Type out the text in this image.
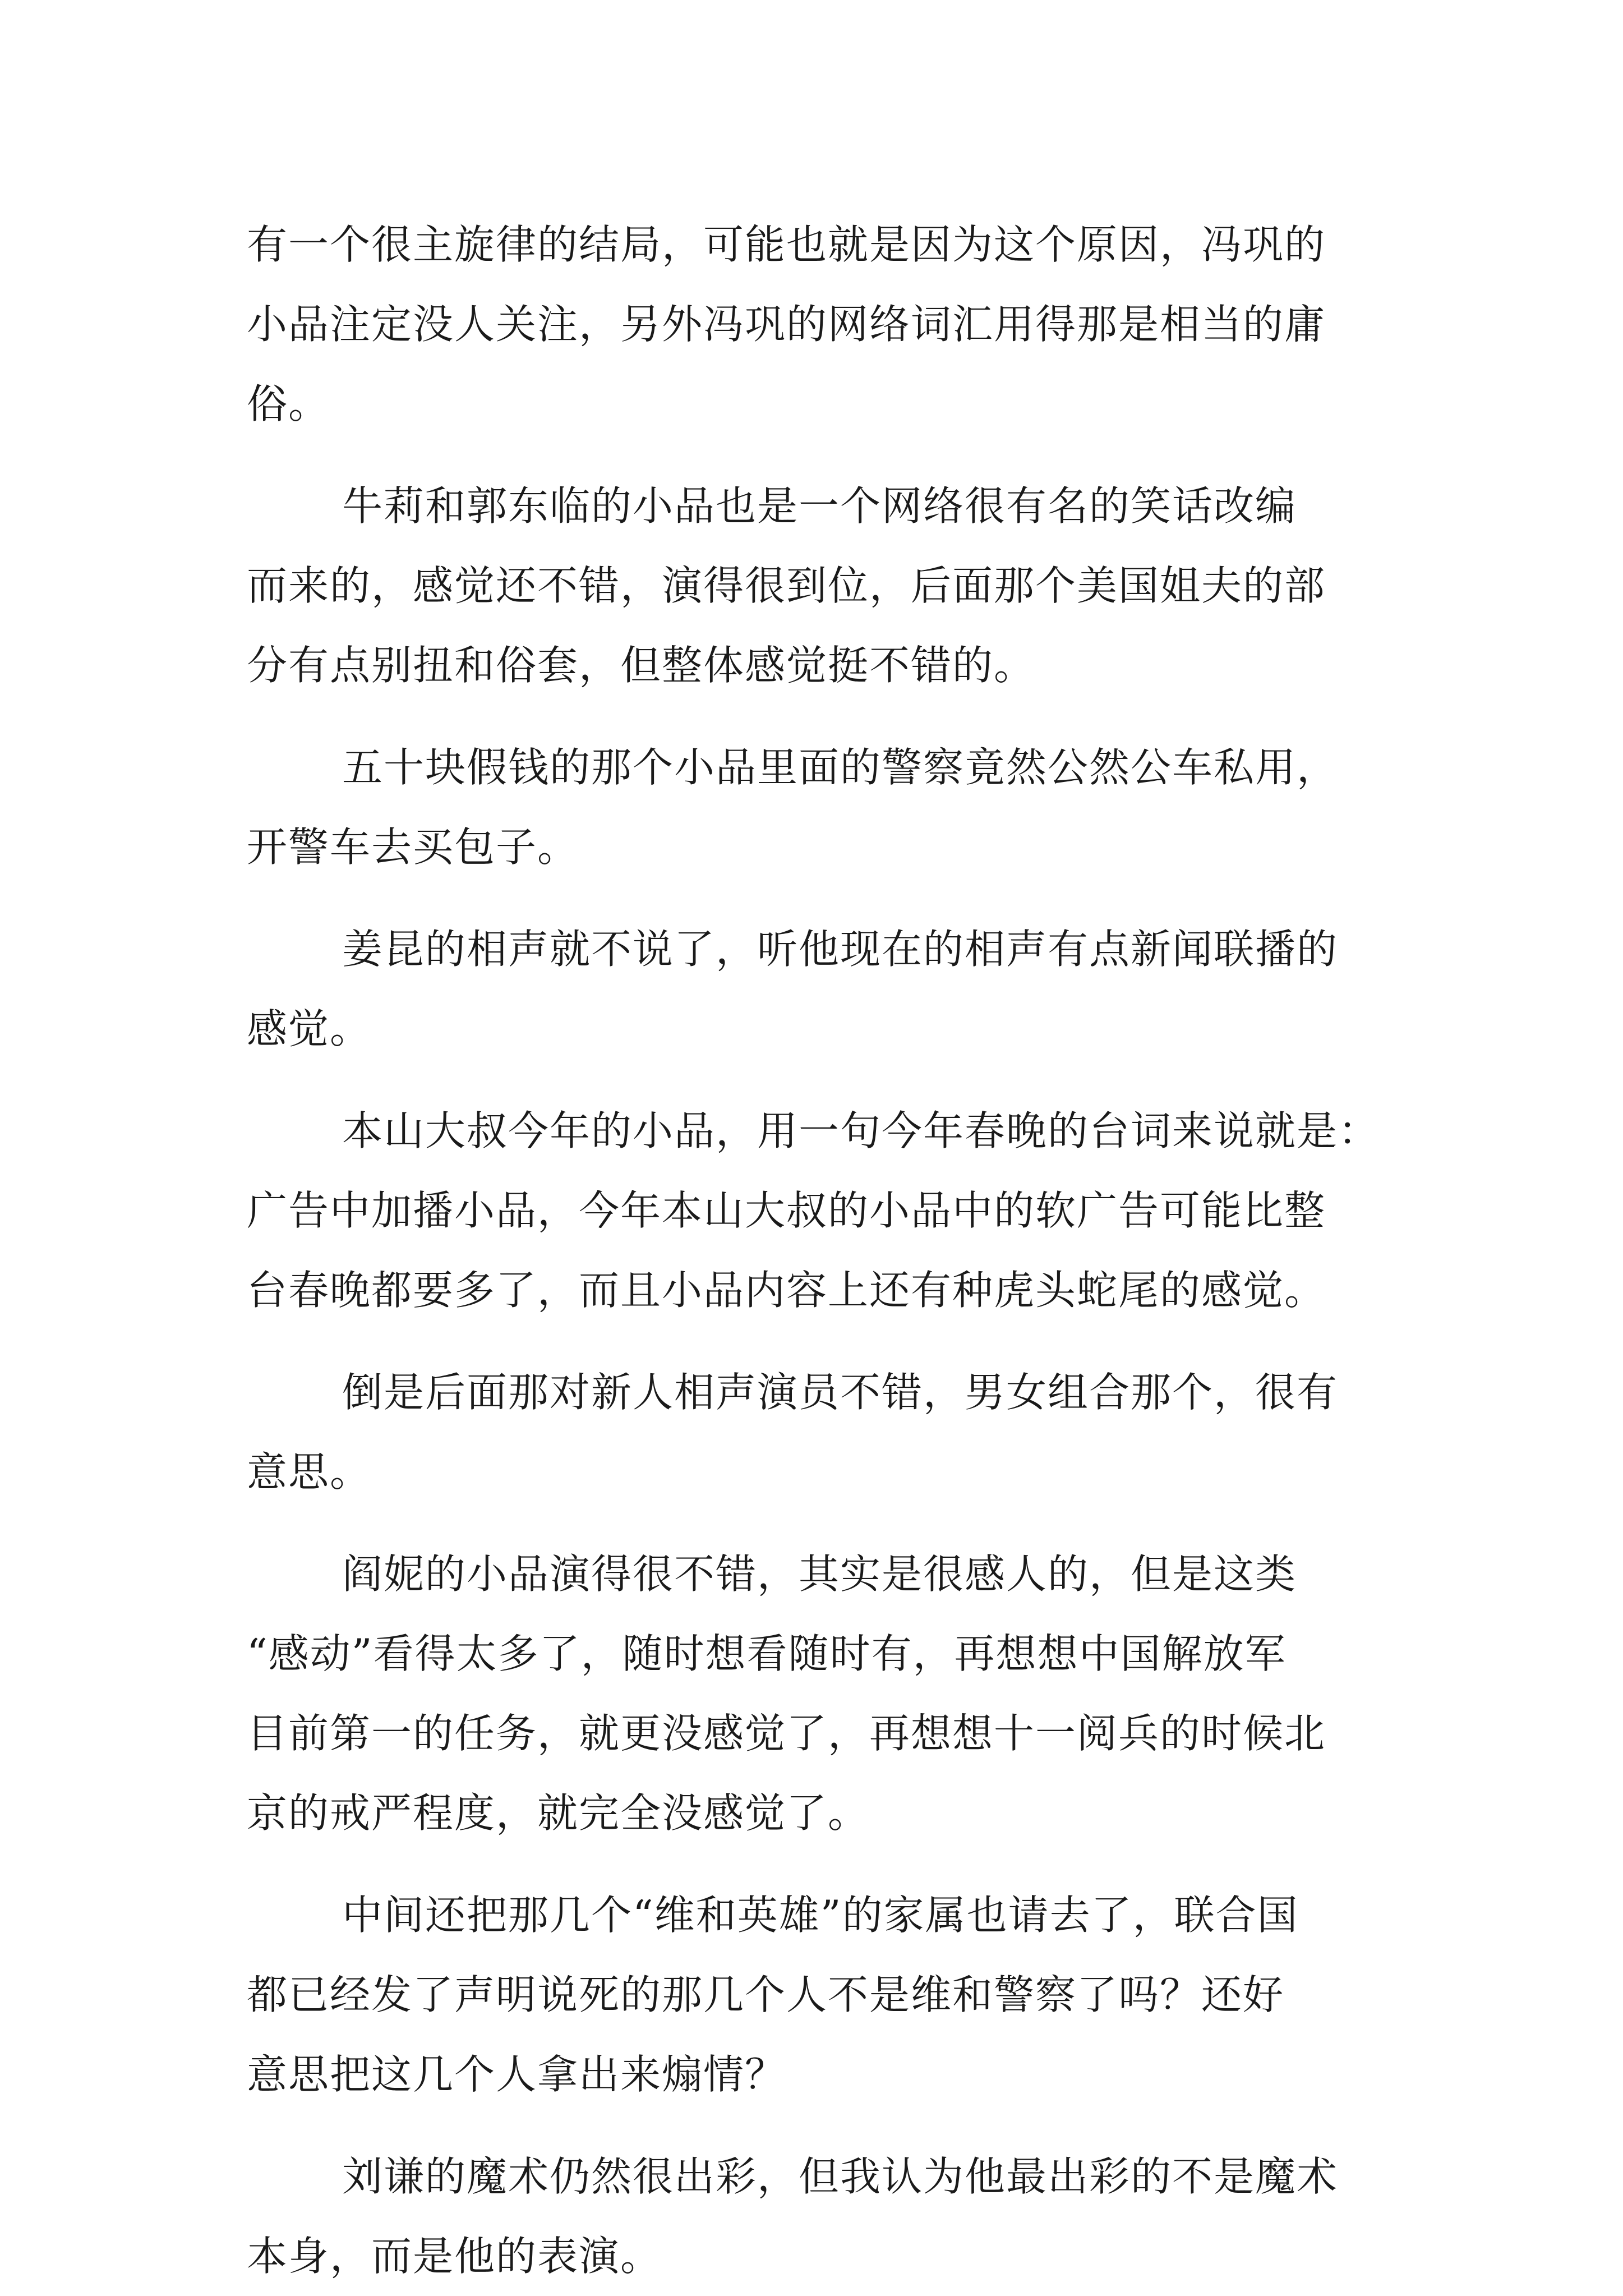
有一个很主旋律的结局，可能也就是因为这个原因，冯巩的
小品注定没人关注，另外冯巩的网络词汇用得那是相当的庸
俗。
牛莉和郭东临的小品也是一个网络很有名的笑话改编
而来的，感觉还不错，演得很到位，后面那个美国姐夫的部
分有点别扭和俗套，但整体感觉挺不错的。
五十块假钱的那个小品里面的警察竟然公然公车私用，
开警车去买包子。
姜昆的相声就不说了，听他现在的相声有点新闻联播的
感觉。
本山大叔今年的小品，用一句今年春晚的台词来说就是：
广告中加播小品，今年本山大叔的小品中的软广告可能比整
台春晚都要多了，而且小品内容上还有种虎头蛇尾的感觉。
倒是后面那对新人相声演员不错，男女组合那个，很有
意思。
阎妮的小品演得很不错，其实是很感人的，但是这类
“感动”看得太多了，随时想看随时有，再想想中国解放军
目前第一的任务，就更没感觉了，再想想十一阅兵的时候北
京的戒严程度，就完全没感觉了。
中间还把那几个“维和英雄”的家属也请去了，联合国
都已经发了声明说死的那几个人不是维和警察了吗？还好
意思把这几个人拿出来煽情？
刘谦的魔术仍然很出彩，但我认为他最出彩的不是魔术
本身，而是他的表演。
